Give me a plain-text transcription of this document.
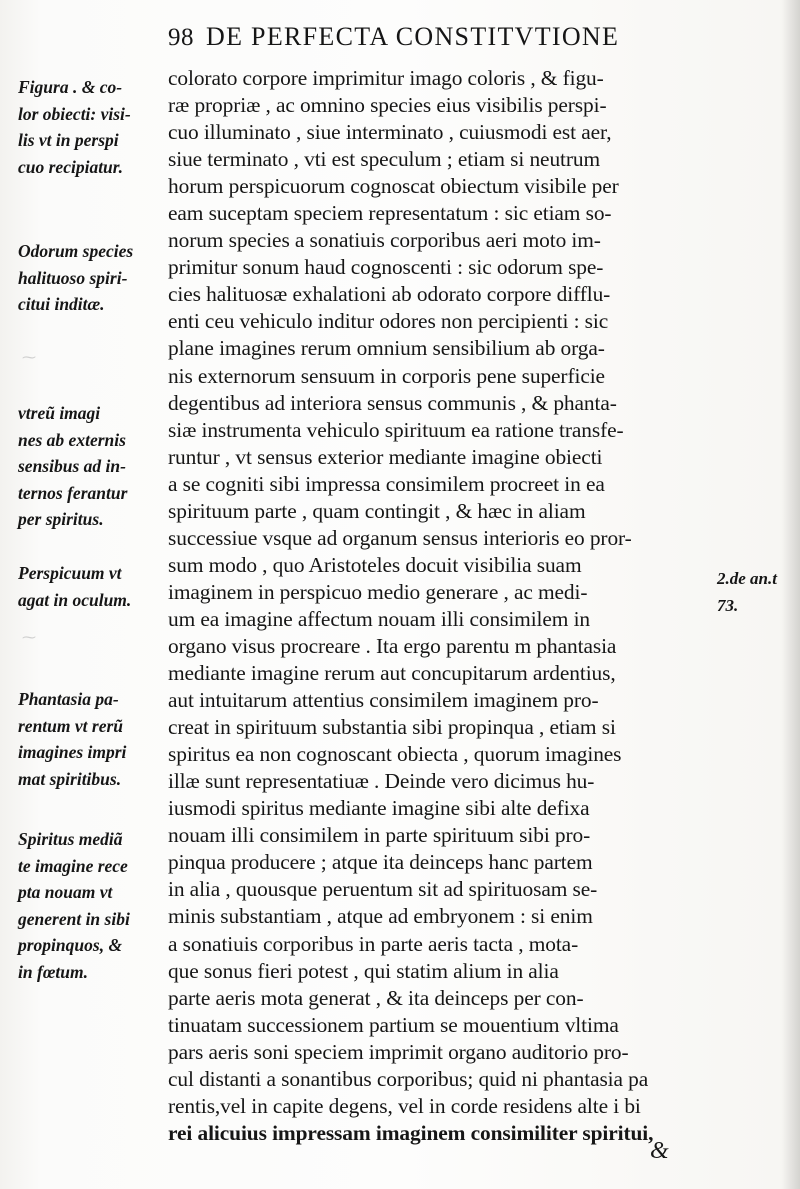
98 DE PERFECTA CONSTITVTIONE
⁓
⁓
Figura . & co-
lor obiecti: visi-
lis vt in perspi
cuo recipiatur.
Odorum species
halituoso spiri-
citui inditæ.
vtreũ imagi
nes ab externis
sensibus ad in-
ternos ferantur
per spiritus.
Perspicuum vt
agat in oculum.
Phantasia pa-
rentum vt rerũ
imagines impri
mat spiritibus.
Spiritus mediã
te imagine rece
pta nouam vt
generent in sibi
propinquos, &
in fœtum.
2.de an.t
73.
colorato corpore imprimitur imago coloris , & figu-
ræ propriæ , ac omnino species eius visibilis perspi-
cuo illuminato , siue interminato , cuiusmodi est aer,
siue terminato , vti est speculum ; etiam si neutrum
horum perspicuorum cognoscat obiectum visibile per
eam suceptam speciem representatum : sic etiam so-
norum species a sonatiuis corporibus aeri moto im-
primitur sonum haud cognoscenti : sic odorum spe-
cies halituosæ exhalationi ab odorato corpore difflu-
enti ceu vehiculo inditur odores non percipienti : sic
plane imagines rerum omnium sensibilium ab orga-
nis externorum sensuum in corporis pene superficie
degentibus ad interiora sensus communis , & phanta-
siæ instrumenta vehiculo spirituum ea ratione transfe-
runtur , vt sensus exterior mediante imagine obiecti
a se cogniti sibi impressa consimilem procreet in ea
spirituum parte , quam contingit , & hæc in aliam
successiue vsque ad organum sensus interioris eo pror-
sum modo , quo Aristoteles docuit visibilia suam
imaginem in perspicuo medio generare , ac medi-
um ea imagine affectum nouam illi consimilem in
organo visus procreare . Ita ergo parentu m phantasia
mediante imagine rerum aut concupitarum ardentius,
aut intuitarum attentius consimilem imaginem pro-
creat in spirituum substantia sibi propinqua , etiam si
spiritus ea non cognoscant obiecta , quorum imagines
illæ sunt representatiuæ . Deinde vero dicimus hu-
iusmodi spiritus mediante imagine sibi alte defixa
nouam illi consimilem in parte spirituum sibi pro-
pinqua producere ; atque ita deinceps hanc partem
in alia , quousque peruentum sit ad spirituosam se-
minis substantiam , atque ad embryonem : si enim
a sonatiuis corporibus in parte aeris tacta , mota-
que sonus fieri potest , qui statim alium in alia
parte aeris mota generat , & ita deinceps per con-
tinuatam successionem partium se mouentium vltima
pars aeris soni speciem imprimit organo auditorio pro-
cul distanti a sonantibus corporibus; quid ni phantasia pa
rentis,vel in capite degens, vel in corde residens alte i bi
rei alicuius impressam imaginem consimiliter spiritui,
&
